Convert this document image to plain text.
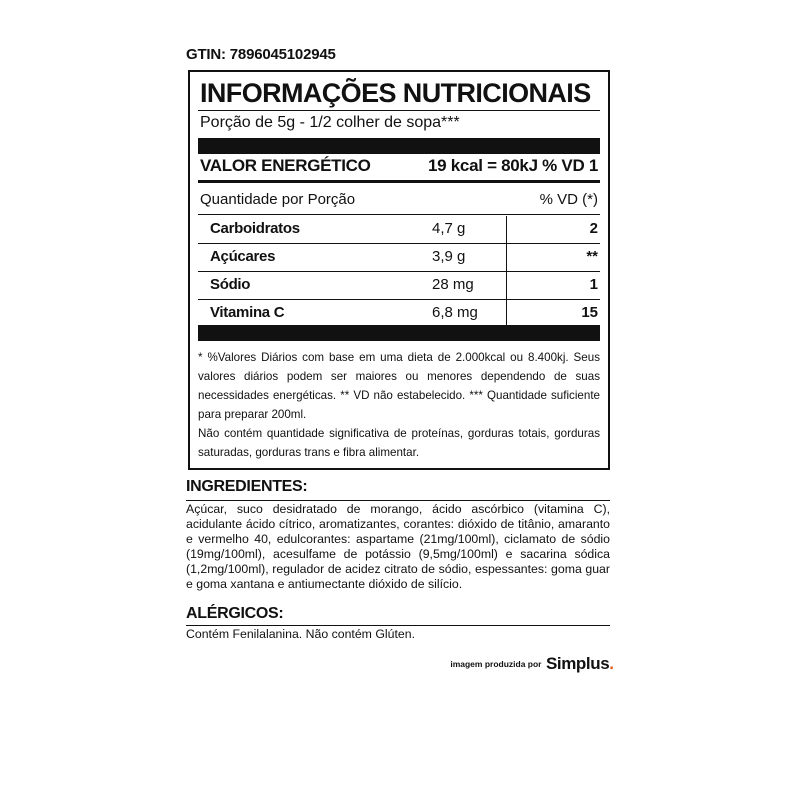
GTIN: 7896045102945
INFORMAÇÕES NUTRICIONAIS
Porção de 5g - 1/2 colher de sopa***
VALOR ENERGÉTICO	19 kcal = 80kJ % VD 1
Quantidade por Porção	% VD (*)
Carboidratos	4,7 g	2
Açúcares	3,9 g	**
Sódio	28 mg	1
Vitamina C	6,8 mg	15

* %Valores Diários com base em uma dieta de 2.000kcal ou 8.400kj. Seus valores diários podem ser maiores ou menores dependendo de suas necessidades energéticas. ** VD não estabelecido. *** Quantidade suficiente para preparar 200ml.

Não contém quantidade significativa de proteínas, gorduras totais, gorduras saturadas, gorduras trans e fibra alimentar.

INGREDIENTES:
Açúcar, suco desidratado de morango, ácido ascórbico (vitamina C), acidulante ácido cítrico, aromatizantes, corantes: dióxido de titânio, amaranto e vermelho 40, edulcorantes: aspartame (21mg/100ml), ciclamato de sódio (19mg/100ml), acesulfame de potássio (9,5mg/100ml) e sacarina sódica (1,2mg/100ml), regulador de acidez citrato de sódio, espessantes: goma guar e goma xantana e antiumectante dióxido de silício.
ALÉRGICOS:
Contém Fenilalanina. Não contém Glúten.
imagem produzida por Simplus.
